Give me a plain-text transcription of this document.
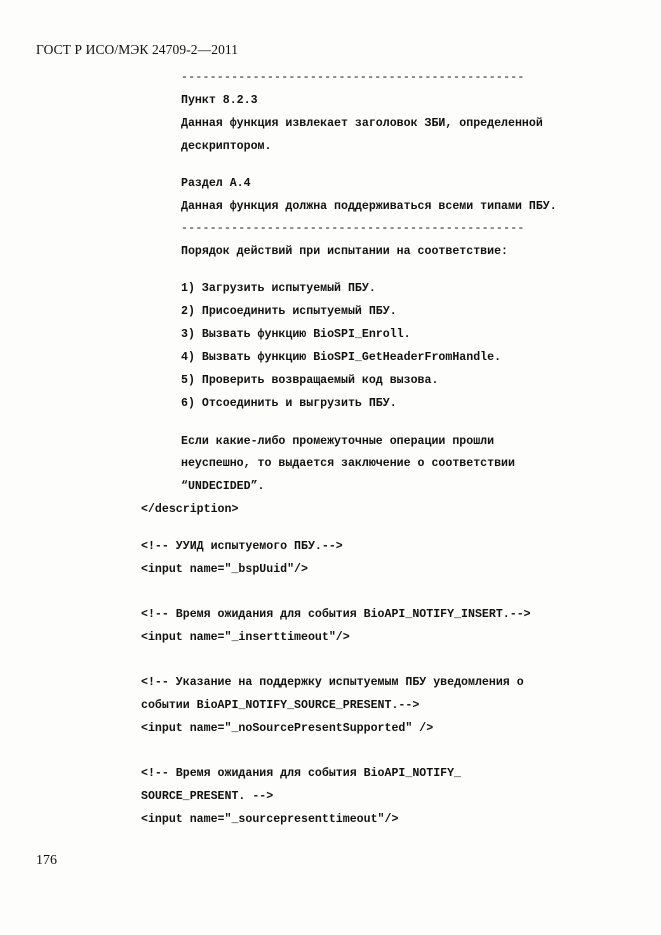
ГОСТ Р ИСО/МЭК 24709-2—2011
------------------------------------------------
Пункт 8.2.3
Данная функция извлекает заголовок ЗБИ, определенной
дескриптором.
Раздел А.4
Данная функция должна поддерживаться всеми типами ПБУ.
------------------------------------------------
Порядок действий при испытании на соответствие:
1) Загрузить испытуемый ПБУ.
2) Присоединить испытуемый ПБУ.
3) Вызвать функцию BioSPI_Enroll.
4) Вызвать функцию BioSPI_GetHeaderFromHandle.
5) Проверить возвращаемый код вызова.
6) Отсоединить и выгрузить ПБУ.
Если какие-либо промежуточные операции прошли
неуспешно, то выдается заключение о соответствии
“UNDECIDED”.
</description>
<!-- УУИД испытуемого ПБУ.-->
<input name="_bspUuid"/>
<!-- Время ожидания для события BioAPI_NOTIFY_INSERT.-->
<input name="_inserttimeout"/>
<!-- Указание на поддержку испытуемым ПБУ уведомления о
событии BioAPI_NOTIFY_SOURCE_PRESENT.-->
<input name="_noSourcePresentSupported" />
<!-- Время ожидания для события BioAPI_NOTIFY_
SOURCE_PRESENT. -->
<input name="_sourcepresenttimeout"/>
176
